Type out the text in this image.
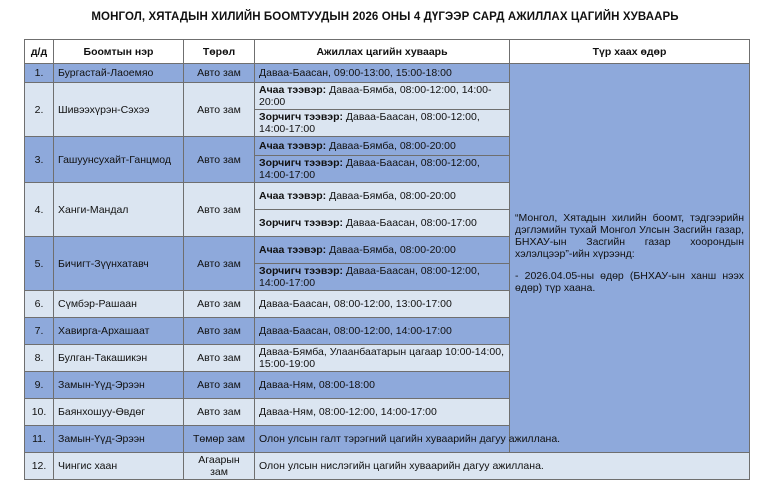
МОНГОЛ, ХЯТАДЫН ХИЛИЙН БООМТУУДЫН 2026 ОНЫ 4 ДҮГЭЭР САРД АЖИЛЛАХ ЦАГИЙН ХУВААРЬ
д/д	Боомтын нэр	Төрөл	Ажиллах цагийн хуваарь	Түр хаах өдөр
1.	Бургастай-Лаоемяо	Авто зам	Даваа-Баасан, 09:00-13:00, 15:00-18:00	“Монгол, Хятадын хилийн боомт, тэдгээрийн дэглэмийн тухай Монгол Улсын Засгийн газар, БНХАУ-ын Засгийн газар хоорондын хэлэлцээр”-ийн хүрээнд:

- 2026.04.05-ны өдөр (БНХАУ-ын ханш нээх өдөр) түр хаана.

2.	Шивээхүрэн-Сэхээ	Авто зам	Ачаа тээвэр: Даваа-Бямба, 08:00-12:00, 14:00-20:00	
			Зорчигч тээвэр: Даваа-Баасан, 08:00-12:00, 14:00-17:00	
3.	Гашуунсухайт-Ганцмод	Авто зам	Ачаа тээвэр: Даваа-Бямба, 08:00-20:00	
			Зорчигч тээвэр: Даваа-Баасан, 08:00-12:00, 14:00-17:00	
4.	Ханги-Мандал	Авто зам	Ачаа тээвэр: Даваа-Бямба, 08:00-20:00	
			Зорчигч тээвэр: Даваа-Баасан, 08:00-17:00	
5.	Бичигт-Зүүнхатавч	Авто зам	Ачаа тээвэр: Даваа-Бямба, 08:00-20:00	
			Зорчигч тээвэр: Даваа-Баасан, 08:00-12:00, 14:00-17:00	
6.	Сүмбэр-Рашаан	Авто зам	Даваа-Баасан, 08:00-12:00, 13:00-17:00	
7.	Хавирга-Архашаат	Авто зам	Даваа-Баасан, 08:00-12:00, 14:00-17:00	
8.	Булган-Такашикэн	Авто зам	Даваа-Бямба, Улаанбаатарын цагаар 10:00-14:00, 15:00-19:00	
9.	Замын-Үүд-Эрээн	Авто зам	Даваа-Ням, 08:00-18:00	
10.	Баянхошуу-Өвдөг	Авто зам	Даваа-Ням, 08:00-12:00, 14:00-17:00	
11.	Замын-Үүд-Эрээн	Төмөр зам	Олон улсын галт тэрэгний цагийн хуваарийн дагуу ажиллана.	
12.	Чингис хаан	Агаарын зам	Олон улсын нислэгийн цагийн хуваарийн дагуу ажиллана.	
